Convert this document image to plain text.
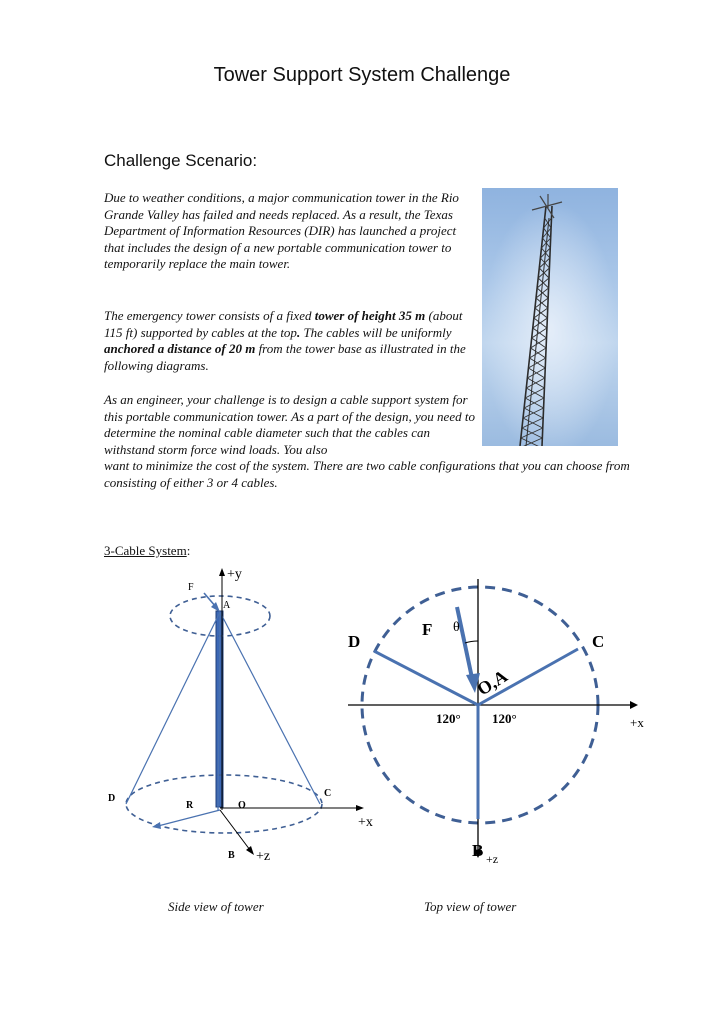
Tower Support System Challenge
Challenge Scenario:

Due to weather conditions, a major communication tower in the Rio Grande Valley has failed and needs replaced. As a result, the Texas Department of Information Resources (DIR) has launched a project that includes the design of a new portable communication tower to temporarily replace the main tower.

The emergency tower consists of a fixed tower of height 35 m (about 115 ft) supported by cables at the top. The cables will be uniformly anchored a distance of 20 m from the tower base as illustrated in the following diagrams.

As an engineer, your challenge is to design a cable support system for this portable communication tower. As a part of the design, you need to determine the nominal cable diameter such that the cables can withstand storm force wind loads. You also
want to minimize the cost of the system. There are two cable configurations that you can choose from consisting of either 3 or 4 cables.

3-Cable System:
+y
F
A
D
R	O
C
+x
B +z
D
F θ
C
O,A
120° 120°	+x
B +z
Side view of tower	Top view of tower
